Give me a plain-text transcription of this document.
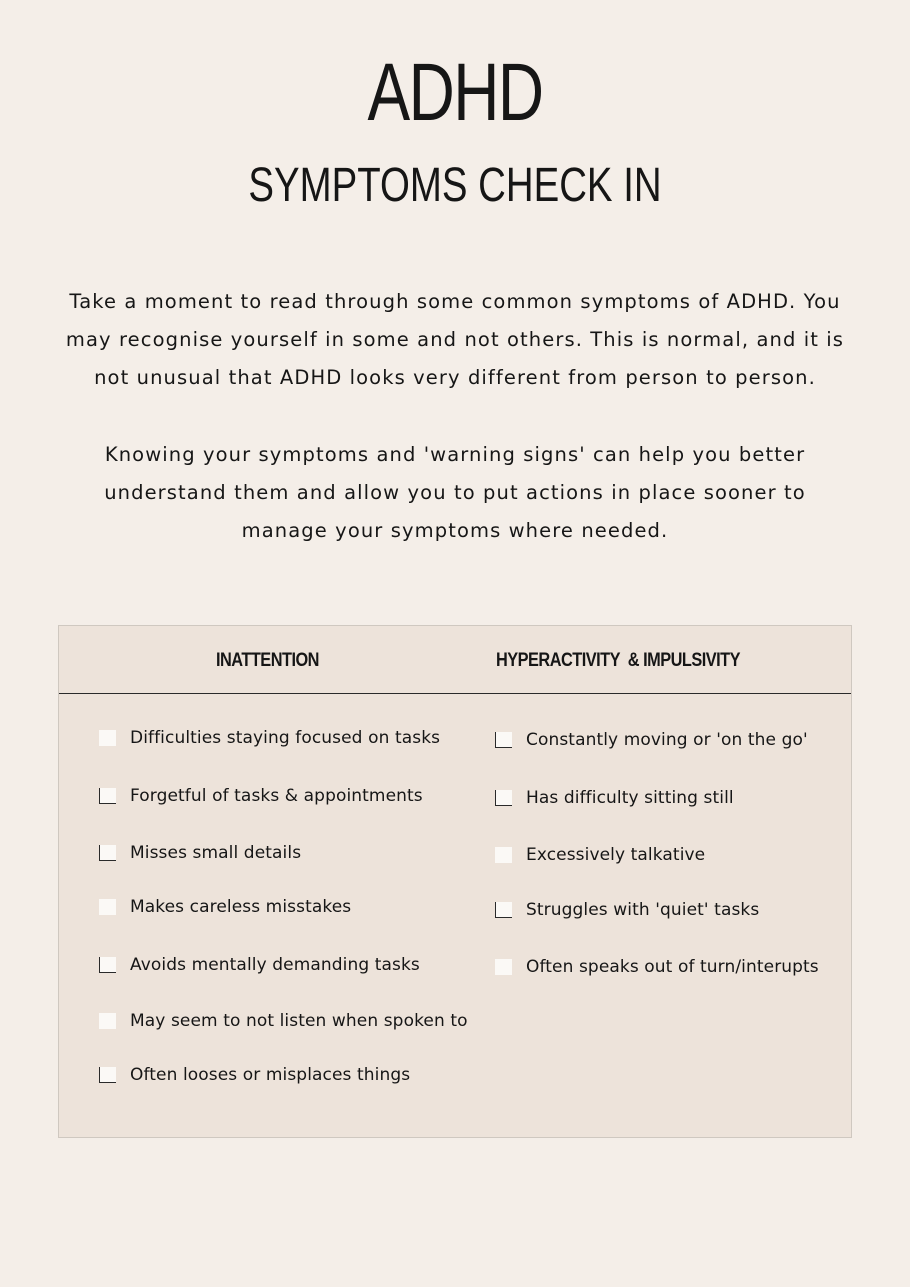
ADHD
SYMPTOMS CHECK IN

Take a moment to read through some common symptoms of ADHD. You may recognise yourself in some and not others. This is normal, and it is not unusual that ADHD looks very different from person to person.

Knowing your symptoms and 'warning signs' can help you better understand them and allow you to put actions in place sooner to manage your symptoms where needed.

INATTENTION	HYPERACTIVITY  & IMPULSIVITY
Difficulties staying focused on tasks
Forgetful of tasks & appointments
Misses small details
Makes careless misstakes
Avoids mentally demanding tasks
May seem to not listen when spoken to
Often looses or misplaces things
Constantly moving or 'on the go'
Has difficulty sitting still
Excessively talkative
Struggles with 'quiet' tasks
Often speaks out of turn/interupts
